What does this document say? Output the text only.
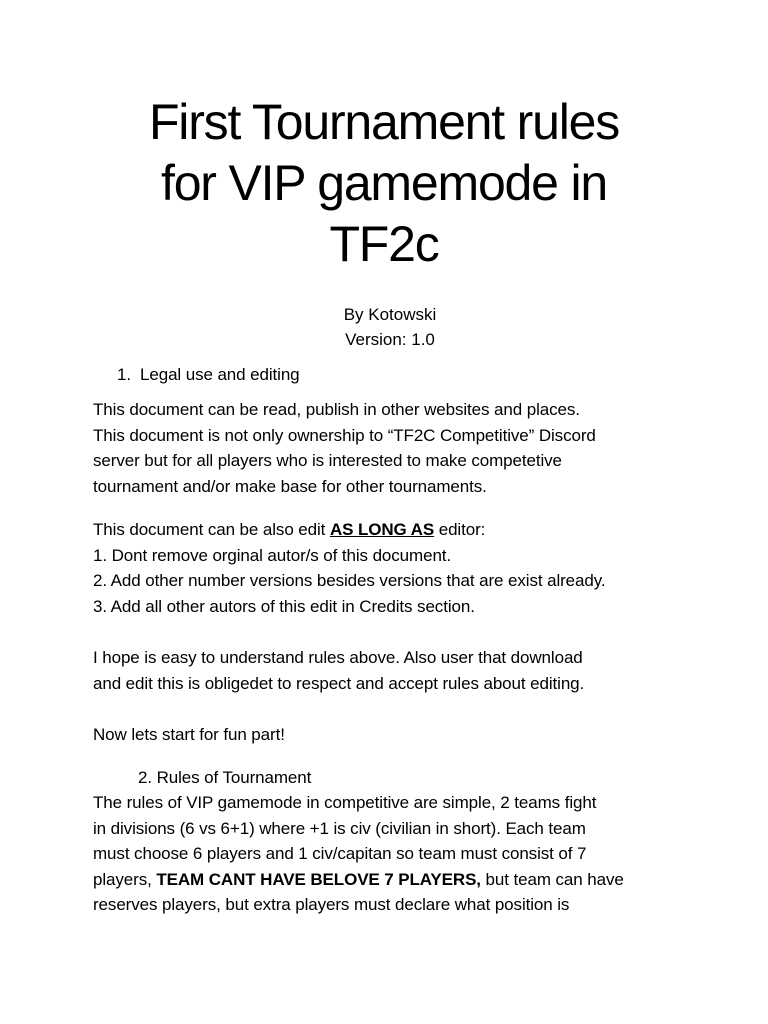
First Tournament rules
for VIP gamemode in
TF2c
By Kotowski
Version: 1.0
1. Legal use and editing
This document can be read, publish in other websites and places.
This document is not only ownership to “TF2C Competitive” Discord
server but for all players who is interested to make competetive
tournament and/or make base for other tournaments.
This document can be also edit AS LONG AS editor:
1. Dont remove orginal autor/s of this document.
2. Add other number versions besides versions that are exist already.
3. Add all other autors of this edit in Credits section.
I hope is easy to understand rules above. Also user that download
and edit this is obligedet to respect and accept rules about editing.
Now lets start for fun part!
2. Rules of Tournament
The rules of VIP gamemode in competitive are simple, 2 teams fight
in divisions (6 vs 6+1) where +1 is civ (civilian in short). Each team
must choose 6 players and 1 civ/capitan so team must consist of 7
players, TEAM CANT HAVE BELOVE 7 PLAYERS, but team can have
reserves players, but extra players must declare what position is
